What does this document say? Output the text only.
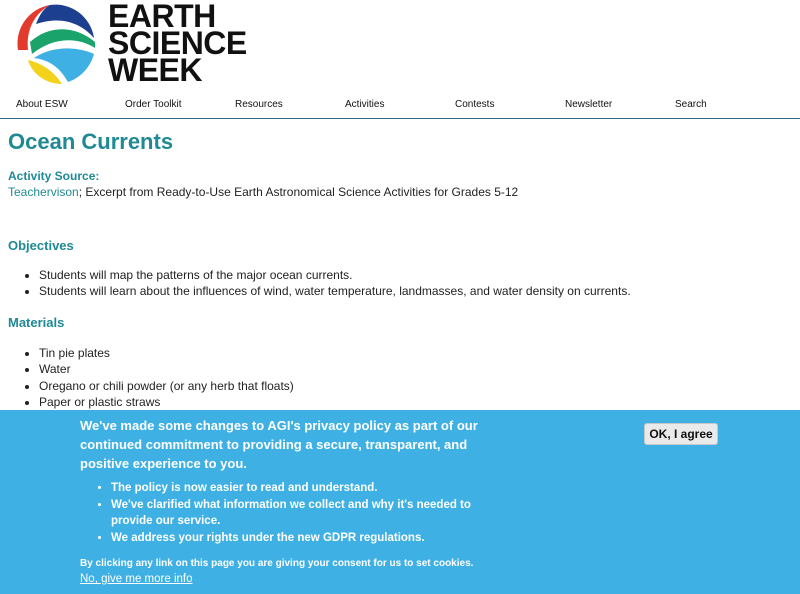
EARTH
SCIENCE
WEEK
About ESW	Order Toolkit	Resources	Activities	Contests	Newsletter	Search
Ocean Currents
Activity Source:
Teachervison; Excerpt from Ready-to-Use Earth Astronomical Science Activities for Grades 5-12
Objectives
• Students will map the patterns of the major ocean currents.
• Students will learn about the influences of wind, water temperature, landmasses, and water density on currents.
Materials
• Tin pie plates
• Water
• Oregano or chili powder (or any herb that floats)
• Paper or plastic straws
We've made some changes to AGI's privacy policy as part of our continued commitment to providing a secure, transparent, and positive experience to you.
• The policy is now easier to read and understand.
• We've clarified what information we collect and why it's needed to provide our service.
• We address your rights under the new GDPR regulations.
By clicking any link on this page you are giving your consent for us to set cookies.
No, give me more info
OK, I agree
